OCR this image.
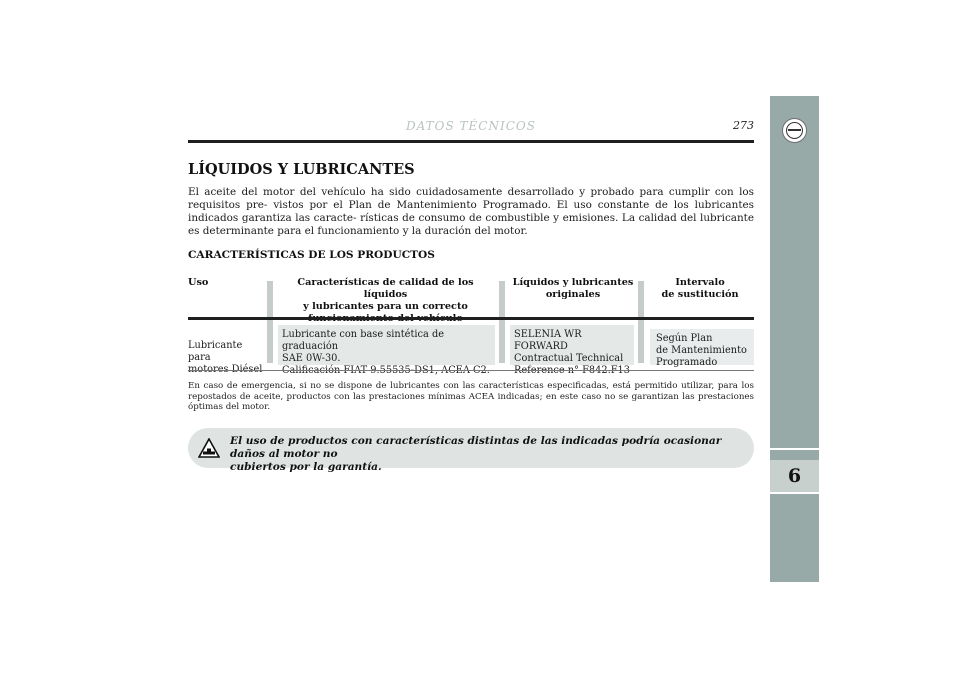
6
DATOS TÉCNICOS	273
LÍQUIDOS Y LUBRICANTES
El aceite del motor del vehículo ha sido cuidadosamente desarrollado y probado para cumplir con los requisitos pre- vistos por el Plan de Mantenimiento Programado. El uso constante de los lubricantes indicados garantiza las caracte- rísticas de consumo de combustible y emisiones. La calidad del lubricante es determinante para el funcionamiento y la duración del motor.
CARACTERÍSTICAS DE LOS PRODUCTOS
Uso	Características de calidad de los líquidos
y lubricantes para un correcto
Líquidos y lubricantes
originales
Intervalo
de sustitución
Lubricante para
Lubricante con base sintética de graduación
SAE 0W-30.
SELENIA WR FORWARD
Contractual Technical
Según Plan
de Mantenimiento
Programado
En caso de emergencia, si no se dispone de lubricantes con las características especificadas, está permitido utilizar, para los repostados de aceite, productos con las prestaciones mínimas ACEA indicadas; en este caso no se garantizan las prestaciones óptimas del motor.
El uso de productos con características distintas de las indicadas podría ocasionar daños al motor no
cubiertos por la garantía.
